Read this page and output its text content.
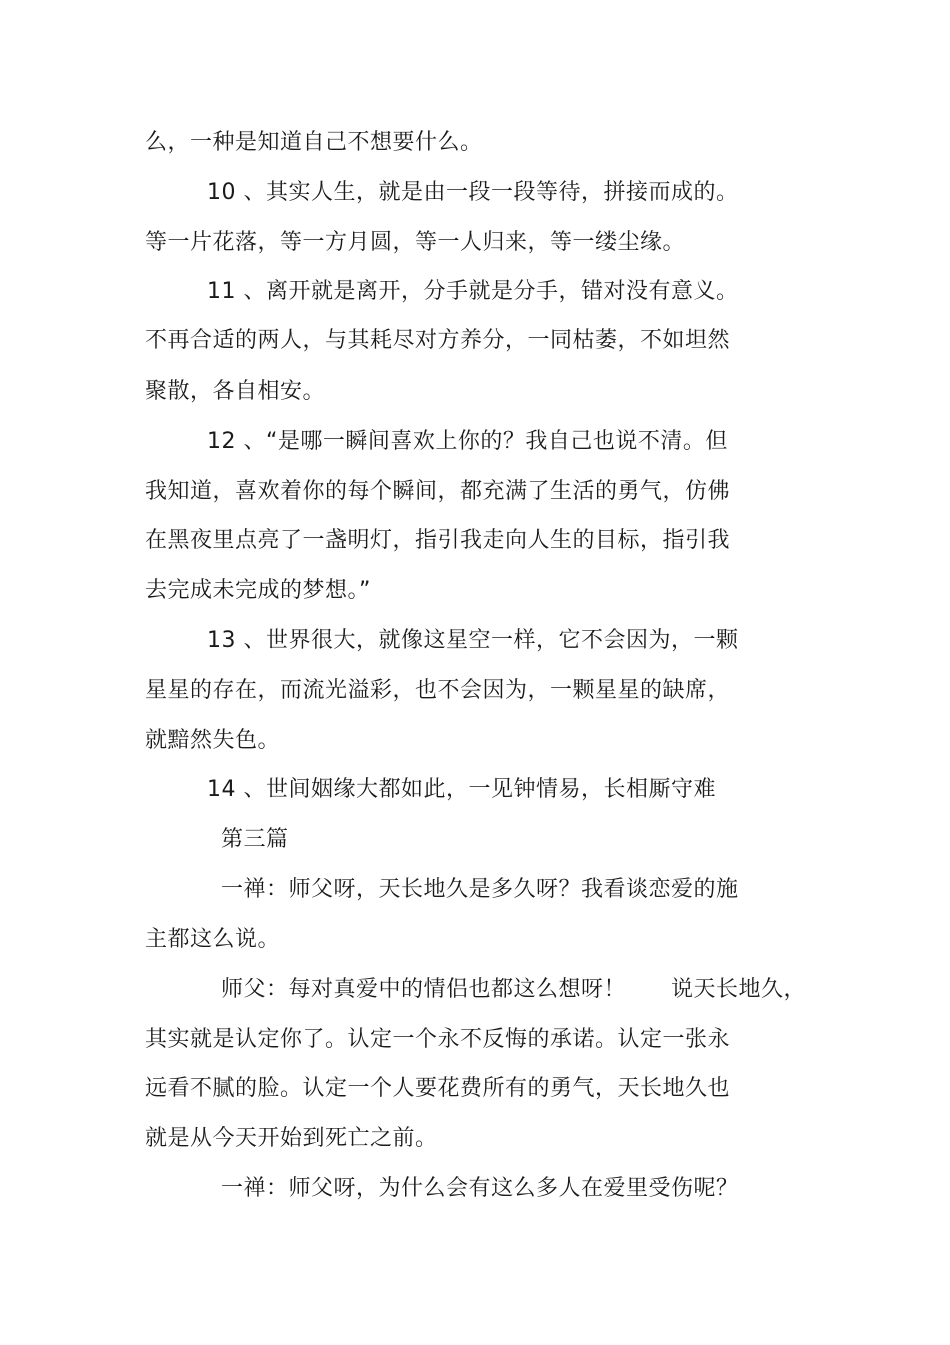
么，一种是知道自己不想要什么。
10 、其实人生，就是由一段一段等待，拼接而成的。
等一片花落，等一方月圆，等一人归来，等一缕尘缘。
11 、离开就是离开，分手就是分手，错对没有意义。
不再合适的两人，与其耗尽对方养分，一同枯萎，不如坦然
聚散，各自相安。
12 、“是哪一瞬间喜欢上你的？我自己也说不清。但
我知道，喜欢着你的每个瞬间，都充满了生活的勇气，仿佛
在黑夜里点亮了一盏明灯，指引我走向人生的目标，指引我
去完成未完成的梦想。”
13 、世界很大，就像这星空一样，它不会因为，一颗
星星的存在，而流光溢彩，也不会因为，一颗星星的缺席，
就黯然失色。
14 、世间姻缘大都如此，一见钟情易，长相厮守难
第三篇
一禅：师父呀，天长地久是多久呀？我看谈恋爱的施
主都这么说。
师父：每对真爱中的情侣也都这么想呀！　　说天长地久，
其实就是认定你了。认定一个永不反悔的承诺。认定一张永
远看不腻的脸。认定一个人要花费所有的勇气，天长地久也
就是从今天开始到死亡之前。
一禅：师父呀，为什么会有这么多人在爱里受伤呢？
